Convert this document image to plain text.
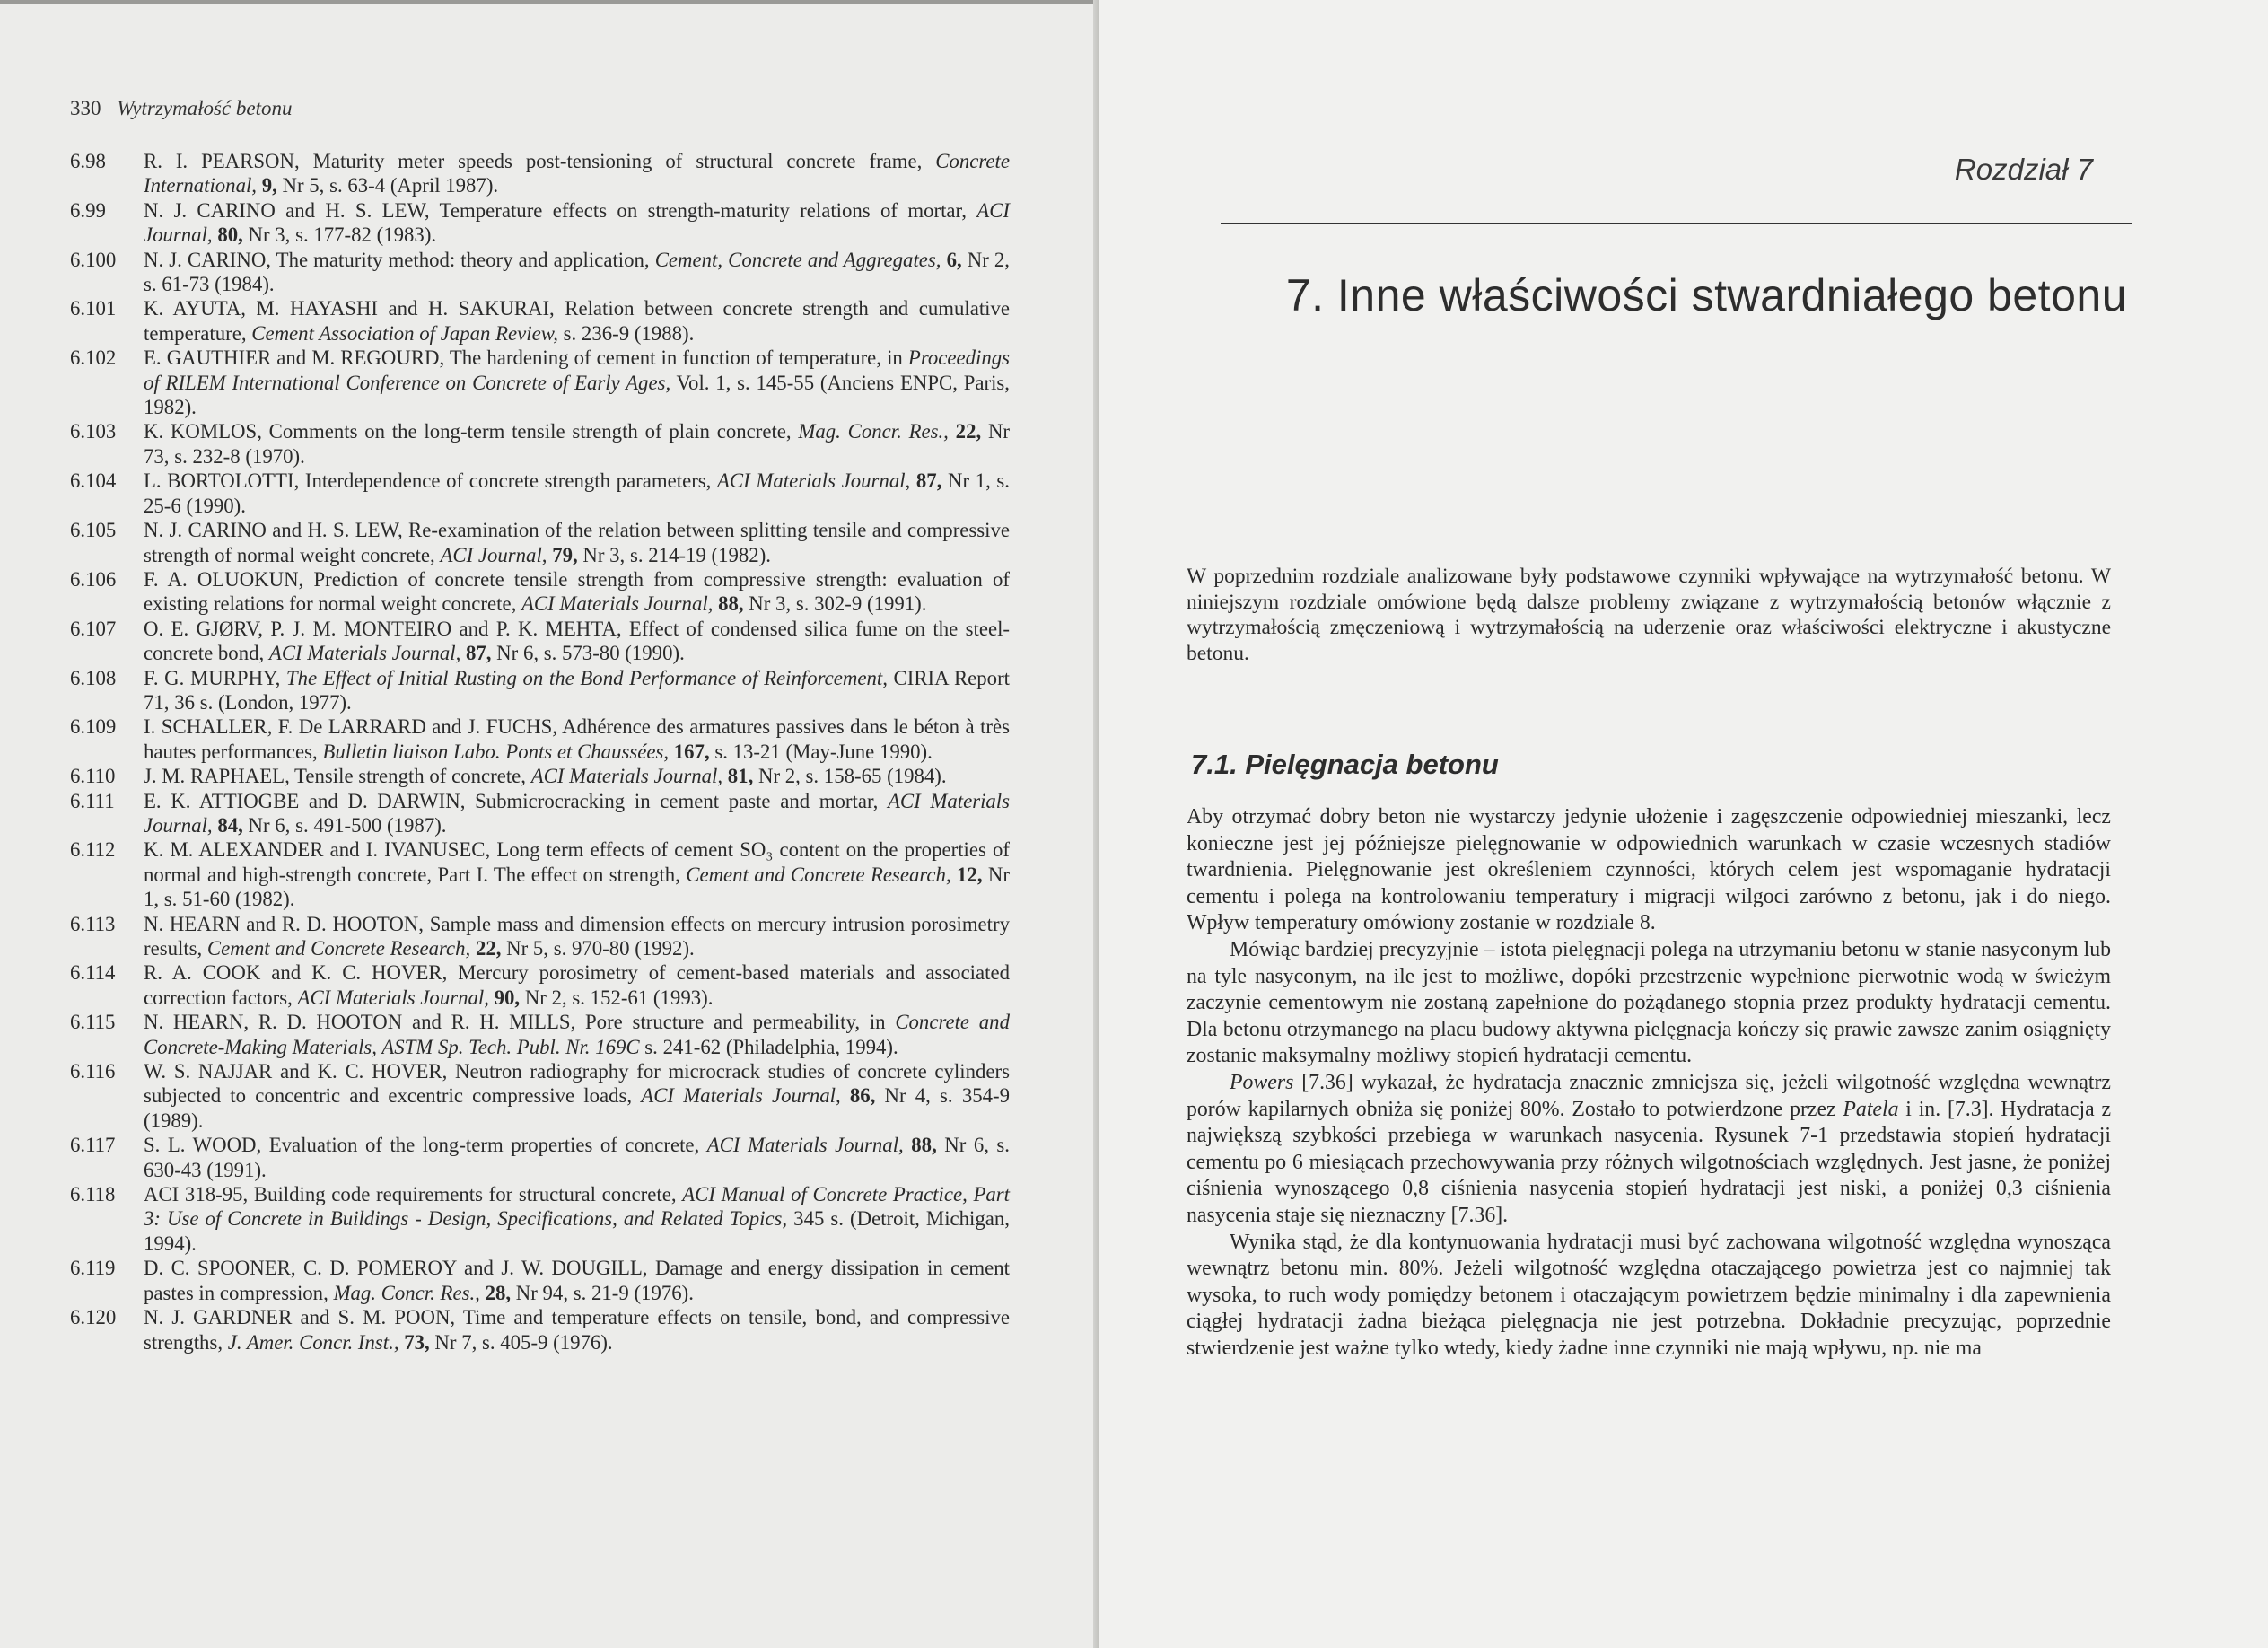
330 Wytrzymałość betonu
6.98	R. I. PEARSON, Maturity meter speeds post-tensioning of structural concrete frame, Concrete International, 9, Nr 5, s. 63-4 (April 1987).
6.99	N. J. CARINO and H. S. LEW, Temperature effects on strength-maturity relations of mortar, ACI Journal, 80, Nr 3, s. 177-82 (1983).
6.100	N. J. CARINO, The maturity method: theory and application, Cement, Concrete and Aggregates, 6, Nr 2, s. 61-73 (1984).
6.101	K. AYUTA, M. HAYASHI and H. SAKURAI, Relation between concrete strength and cumulative temperature, Cement Association of Japan Review, s. 236-9 (1988).
6.102	E. GAUTHIER and M. REGOURD, The hardening of cement in function of temperature, in Proceedings of RILEM International Conference on Concrete of Early Ages, Vol. 1, s. 145-55 (Anciens ENPC, Paris, 1982).
6.103	K. KOMLOS, Comments on the long-term tensile strength of plain concrete, Mag. Concr. Res., 22, Nr 73, s. 232-8 (1970).
6.104	L. BORTOLOTTI, Interdependence of concrete strength parameters, ACI Materials Journal, 87, Nr 1, s. 25-6 (1990).
6.105	N. J. CARINO and H. S. LEW, Re-examination of the relation between splitting tensile and compressive strength of normal weight concrete, ACI Journal, 79, Nr 3, s. 214-19 (1982).
6.106	F. A. OLUOKUN, Prediction of concrete tensile strength from compressive strength: evaluation of existing relations for normal weight concrete, ACI Materials Journal, 88, Nr 3, s. 302-9 (1991).
6.107	O. E. GJØRV, P. J. M. MONTEIRO and P. K. MEHTA, Effect of condensed silica fume on the steel-concrete bond, ACI Materials Journal, 87, Nr 6, s. 573-80 (1990).
6.108	F. G. MURPHY, The Effect of Initial Rusting on the Bond Performance of Reinforcement, CIRIA Report 71, 36 s. (London, 1977).
6.109	I. SCHALLER, F. De LARRARD and J. FUCHS, Adhérence des armatures passives dans le béton à très hautes performances, Bulletin liaison Labo. Ponts et Chaussées, 167, s. 13-21 (May-June 1990).
6.110	J. M. RAPHAEL, Tensile strength of concrete, ACI Materials Journal, 81, Nr 2, s. 158-65 (1984).
6.111	E. K. ATTIOGBE and D. DARWIN, Submicrocracking in cement paste and mortar, ACI Materials Journal, 84, Nr 6, s. 491-500 (1987).
6.112	K. M. ALEXANDER and I. IVANUSEC, Long term effects of cement SO₃ content on the properties of normal and high-strength concrete, Part I. The effect on strength, Cement and Concrete Research, 12, Nr 1, s. 51-60 (1982).
6.113	N. HEARN and R. D. HOOTON, Sample mass and dimension effects on mercury intrusion porosimetry results, Cement and Concrete Research, 22, Nr 5, s. 970-80 (1992).
6.114	R. A. COOK and K. C. HOVER, Mercury porosimetry of cement-based materials and associated correction factors, ACI Materials Journal, 90, Nr 2, s. 152-61 (1993).
6.115	N. HEARN, R. D. HOOTON and R. H. MILLS, Pore structure and permeability, in Concrete and Concrete-Making Materials, ASTM Sp. Tech. Publ. Nr. 169C s. 241-62 (Philadelphia, 1994).
6.116	W. S. NAJJAR and K. C. HOVER, Neutron radiography for microcrack studies of concrete cylinders subjected to concentric and excentric compressive loads, ACI Materials Journal, 86, Nr 4, s. 354-9 (1989).
6.117	S. L. WOOD, Evaluation of the long-term properties of concrete, ACI Materials Journal, 88, Nr 6, s. 630-43 (1991).
6.118	ACI 318-95, Building code requirements for structural concrete, ACI Manual of Concrete Practice, Part 3: Use of Concrete in Buildings - Design, Specifications, and Related Topics, 345 s. (Detroit, Michigan, 1994).
6.119	D. C. SPOONER, C. D. POMEROY and J. W. DOUGILL, Damage and energy dissipation in cement pastes in compression, Mag. Concr. Res., 28, Nr 94, s. 21-9 (1976).
6.120	N. J. GARDNER and S. M. POON, Time and temperature effects on tensile, bond, and compressive strengths, J. Amer. Concr. Inst., 73, Nr 7, s. 405-9 (1976).
Rozdział 7
7. Inne właściwości stwardniałego betonu

W poprzednim rozdziale analizowane były podstawowe czynniki wpływające na wytrzymałość betonu. W niniejszym rozdziale omówione będą dalsze problemy związane z wytrzymałością betonów włącznie z wytrzymałością zmęczeniową i wytrzymałością na uderzenie oraz właściwości elektryczne i akustyczne betonu.

7.1. Pielęgnacja betonu

Aby otrzymać dobry beton nie wystarczy jedynie ułożenie i zagęszczenie odpowiedniej mieszanki, lecz konieczne jest jej późniejsze pielęgnowanie w odpowiednich warunkach w czasie wczesnych stadiów twardnienia. Pielęgnowanie jest określeniem czynności, których celem jest wspomaganie hydratacji cementu i polega na kontrolowaniu temperatury i migracji wilgoci zarówno z betonu, jak i do niego. Wpływ temperatury omówiony zostanie w rozdziale 8.

Mówiąc bardziej precyzyjnie – istota pielęgnacji polega na utrzymaniu betonu w stanie nasyconym lub na tyle nasyconym, na ile jest to możliwe, dopóki przestrzenie wypełnione pierwotnie wodą w świeżym zaczynie cementowym nie zostaną zapełnione do pożądanego stopnia przez produkty hydratacji cementu. Dla betonu otrzymanego na placu budowy aktywna pielęgnacja kończy się prawie zawsze zanim osiągnięty zostanie maksymalny możliwy stopień hydratacji cementu.

Powers [7.36] wykazał, że hydratacja znacznie zmniejsza się, jeżeli wilgotność względna wewnątrz porów kapilarnych obniża się poniżej 80%. Zostało to potwierdzone przez Patela i in. [7.3]. Hydratacja z największą szybkości przebiega w warunkach nasycenia. Rysunek 7-1 przedstawia stopień hydratacji cementu po 6 miesiącach przechowywania przy różnych wilgotnościach względnych. Jest jasne, że poniżej ciśnienia wynoszącego 0,8 ciśnienia nasycenia stopień hydratacji jest niski, a poniżej 0,3 ciśnienia nasycenia staje się nieznaczny [7.36].

Wynika stąd, że dla kontynuowania hydratacji musi być zachowana wilgotność względna wynosząca wewnątrz betonu min. 80%. Jeżeli wilgotność względna otaczającego powietrza jest co najmniej tak wysoka, to ruch wody pomiędzy betonem i otaczającym powietrzem będzie minimalny i dla zapewnienia ciągłej hydratacji żadna bieżąca pielęgnacja nie jest potrzebna. Dokładnie precyzując, poprzednie stwierdzenie jest ważne tylko wtedy, kiedy żadne inne czynniki nie mają wpływu, np. nie ma
